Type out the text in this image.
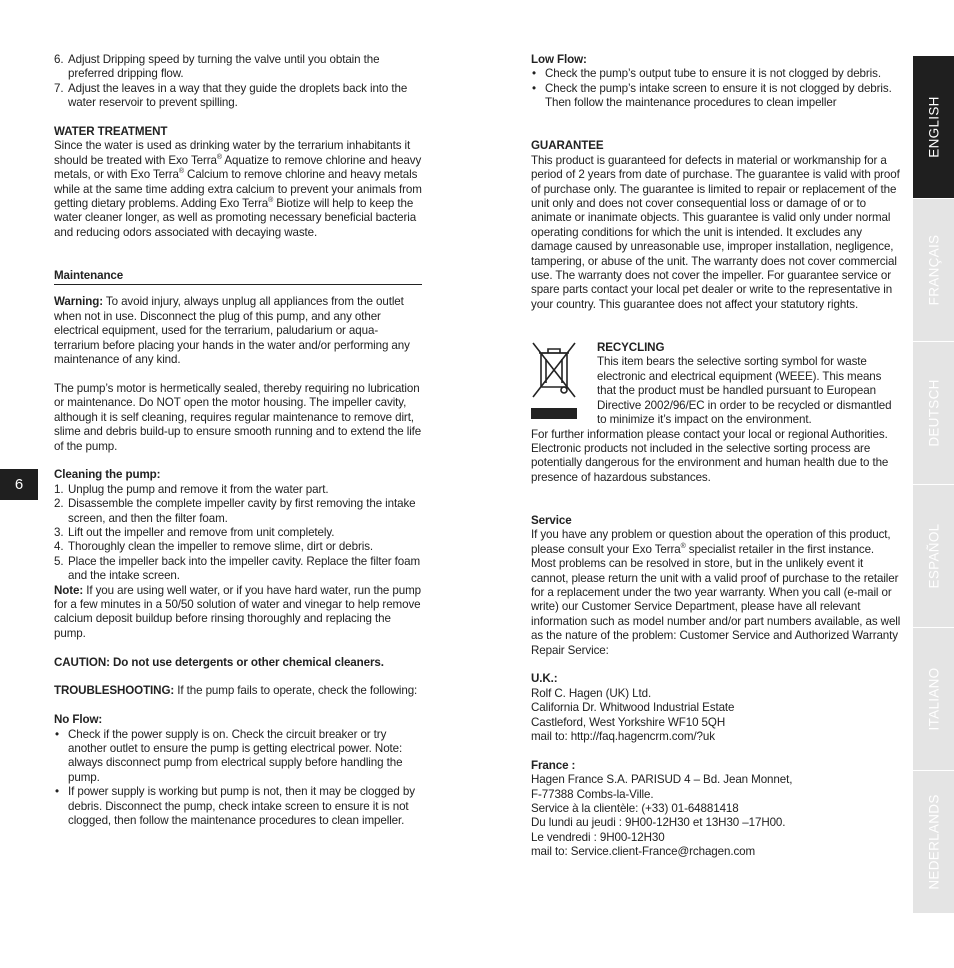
6
ENGLISH
FRANÇAIS
DEUTSCH
ESPAÑOL
ITALIANO
NEDERLANDS
6. Adjust Dripping speed by turning the valve until you obtain the preferred dripping flow.
7. Adjust the leaves in a way that they guide the droplets back into the water reservoir to prevent spilling.

WATER TREATMENT

Since the water is used as drinking water by the terrarium inhabitants it should be treated with Exo Terra® Aquatize to remove chlorine and heavy metals, or with Exo Terra® Calcium to remove chlorine and heavy metals while at the same time adding extra calcium to prevent your animals from getting dietary problems. Adding Exo Terra® Biotize will help to keep the water cleaner longer, as well as promoting necessary beneficial bacteria and reducing odors associated with decaying waste.

Maintenance

Warning: To avoid injury, always unplug all appliances from the outlet when not in use. Disconnect the plug of this pump, and any other electrical equipment, used for the terrarium, paludarium or aqua-terrarium before placing your hands in the water and/or performing any maintenance of any kind.

The pump’s motor is hermetically sealed, thereby requiring no lubrication or maintenance. Do NOT open the motor housing. The impeller cavity, although it is self cleaning, requires regular maintenance to remove dirt, slime and debris build-up to ensure smooth running and to extend the life of the pump.

Cleaning the pump:

1. Unplug the pump and remove it from the water part.
2. Disassemble the complete impeller cavity by first removing the intake screen, and then the filter foam.
3. Lift out the impeller and remove from unit completely.
4. Thoroughly clean the impeller to remove slime, dirt or debris.
5. Place the impeller back into the impeller cavity. Replace the filter foam and the intake screen.

Note: If you are using well water, or if you have hard water, run the pump for a few minutes in a 50/50 solution of water and vinegar to help remove calcium deposit buildup before rinsing thoroughly and replacing the pump.

CAUTION: Do not use detergents or other chemical cleaners.

TROUBLESHOOTING: If the pump fails to operate, check the following:

No Flow:

• Check if the power supply is on. Check the circuit breaker or try another outlet to ensure the pump is getting electrical power. Note: always disconnect pump from electrical supply before handling the pump.
• If power supply is working but pump is not, then it may be clogged by debris. Disconnect the pump, check intake screen to ensure it is not clogged, then follow the maintenance procedures to clean impeller.

Low Flow:

• Check the pump’s output tube to ensure it is not clogged by debris.
• Check the pump’s intake screen to ensure it is not clogged by debris. Then follow the maintenance procedures to clean impeller

GUARANTEE

This product is guaranteed for defects in material or workmanship for a period of 2 years from date of purchase. The guarantee is valid with proof of purchase only. The guarantee is limited to repair or replacement of the unit only and does not cover consequential loss or damage of or to animate or inanimate objects. This guarantee is valid only under normal operating conditions for which the unit is intended. It excludes any damage caused by unreasonable use, improper installation, negligence, tampering, or abuse of the unit. The warranty does not cover commercial use. The warranty does not cover the impeller. For guarantee service or spare parts contact your local pet dealer or write to the representative in your country. This guarantee does not affect your statutory rights.

RECYCLING

This item bears the selective sorting symbol for waste electronic and electrical equipment (WEEE). This means that the product must be handled pursuant to European Directive 2002/96/EC in order to be recycled or dismantled to minimize it’s impact on the environment.

For further information please contact your local or regional Authorities. Electronic products not included in the selective sorting process are potentially dangerous for the environment and human health due to the presence of hazardous substances.

Service

If you have any problem or question about the operation of this product, please consult your Exo Terra® specialist retailer in the first instance. Most problems can be resolved in store, but in the unlikely event it cannot, please return the unit with a valid proof of purchase to the retailer for a replacement under the two year warranty. When you call (e-mail or write) our Customer Service Department, please have all relevant information such as model number and/or part numbers available, as well as the nature of the problem: Customer Service and Authorized Warranty Repair Service:

U.K.:

Rolf C. Hagen (UK) Ltd.

California Dr. Whitwood Industrial Estate

Castleford, West Yorkshire WF10 5QH

mail to: http://faq.hagencrm.com/?uk

France :

Hagen France S.A. PARISUD 4 – Bd. Jean Monnet,

F-77388 Combs-la-Ville.

Service à la clientèle: (+33) 01-64881418

Du lundi au jeudi : 9H00-12H30 et 13H30 –17H00.

Le vendredi : 9H00-12H30

mail to: Service.client-France@rchagen.com
